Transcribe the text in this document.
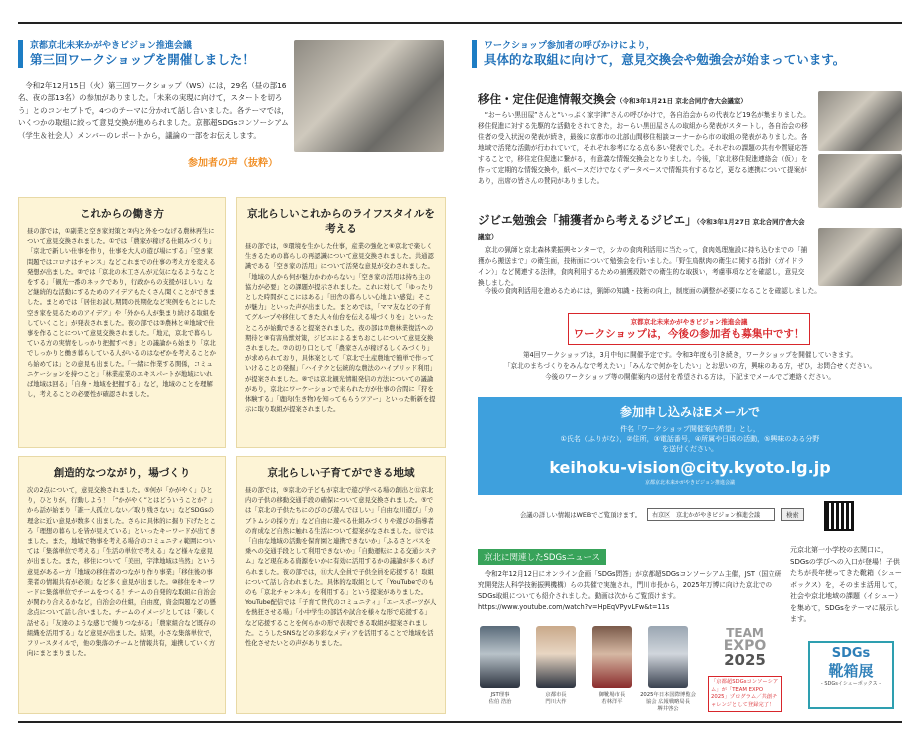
京都京北未来かがやきビジョン推進会議
第三回ワークショップを開催しました！

令和2年12月15日（火）第三回ワークショップ（WS）には，29名（昼の部16名、夜の部13名）の参加がありました。「未来の実現に向けて，スタートを切ろう」とのコンセプトで，4つのテーマに分かれて話し合いました。各テーマでは，いくつかの取組に絞って意見交換が進められました。京都超SDGsコンソーシアム（学生＆社会人）メンバーのレポートから，議論の一部をお伝えします。

参加者の声（抜粋）
これからの働き方

昼の部では，①副業と空き家対策と②内と外をつなげる農林再生について意見交換されました。①では「農家が稼げる仕組みづくり」「京北で新しい仕事を作り，仕事を大人の遊び場にする」「空き家問題ではコロナはチャンス」などこれまでの仕事の考え方を変える発想が出ました。②では「京北の木工さんが元気になるようなことをする」「観光一番のネックであり，行政からの支援がほしい」など継続的な活動にするためのアイデアもたくさん聞くことができました。まとめでは「居住お試し期間の長期化など実例をもとにした空き家を見るためのアイデア」や「外から人が集まり続ける取組をしていくこと」が発表されました。夜の部では③農林と④地域で仕事を作ることについて意見交換されました。「地元，京北で暮らしている方の実情をしっかり把握すべき」との議論から始まり「京北でしっかりと働き暮らしている人がいるのはなぜかを考えることから始めては」との意見も出ました。「一緒に作業する関係，コミュニケーションを持つこと」「林業産業のエキスパートが地域にいれば地域は回る」「自身・地域を把握する」など，地域のことを理解し，考えることの必要性が確認されました。

京北らしいこれからのライフスタイルを考える

昼の部では，⑤環境を生かした仕事，産業の強化と⑥京北で楽しく生きるための暮らしの再認識について意見交換されました。共通認識である「空き家の活用」について活発な意見が交わされました。「地域の人から何が魅力かわからない」「空き家の活用は持ち主の協力が必要」との課題が提示されました。これに対して「ゆったりとした時間がここにはある」「田舎の暮らしい心地よい感覚」そこが魅力」といった声が出ました。まとめでは，「ママ友などの子育てグループや移住してきた人々仙台を伝える場づくりを」といったところが始動できると提案されました。夜の部は⑦農林業復活への期待と⑧有害鳥獣対策，ジビエによるまちおこしについて意見交換されました。⑦の切り口として「農家さんが稼げるしくみづくり」が求められており，具体案として「京北で土産農地で簡単で作っていけることの発掘」「ハイテクと伝統的な農法のハイブリッド利用」が提案されました。⑧では京北観光情報発信の方法についての議論があり，京北にワーケーションで来られた方が仕事の合間に「狩を体験する」「鹿肉(生き物)を知ってもらうツアー」といった斬新を提示に取り取組が提案されました。

創造的なつながり，場づくり

次の2点について，意見交換されました。⑤何が「かがやく」ひとり，ひとりが，行動しよう！「“かがやく”とはどういうことか？」から話が始まり「誰一人孤立しない／取り残さない」などSDGsの理念に近い意見が数多く出ました。さらに具体的に掘り下げたところ「理想の暮らしを皆が見えている」といったキーワードが出てきました。また，地域で物事を考える場合のコミュニティ範囲については「集落単位で考える」「生活の単位で考える」など様々な意見が出ました。また，移住について「美田，宇津地域は当然」という意見があるー方「地域の移住者のつながり作り事業」「移住後の事業者の情報共有が必須」など多く意見が出ました。⑩移住をキーワードに集落単位でチームをつくる！チームの自発的な取組に自治会が関わり合えるかなど，自治会の仕組，自由度，資金問題などの懸念点について話し合いました。チームのイメージとしては「楽しく話せる」「友達のような感じで繰りつながる」「農家組合など既存の組織を活用する」など意見が出ました。結果，小さな集落単位で，フリースタイルで，他の集落のチームと情報共有，連携していく方向にまとまりました。

京北らしい子育てができる地域

昼の部では，⑤京北の子どもが京北で遊び学べる場の創出と⑫京北内の子供の移動交通手段の確保について意見交換されました。⑤では「京北の子供たちにのびのび遊んでほしい」「自由な川遊び」「カブトムシの採り方」など自由に遊べる仕組みづくりや遊びの指導者の育成など自然に触れる生活について提案がなされました。⑫では「自由な地域の活動を保育園と連携できないか」「ふるさとバスを乗への交通手段として利用できないか」「自動運転による交通システム」など現在ある資源をいかに有効に活用するかの議論が多くあげられました。夜の部では，⑪大人全員で子供全員を応援する！取組について話し合われました。具体的な取組として「YouTubeでのものも「京北チャンネル」を利用する」という提案がありました。YouTube配信では「子育て世代のコミュニティ」「エースポーツが人を熱狂させる場」「小中学生の部活や試合を様々な形で応援する」など応援することを何らかの形で表現できる取組が提案されました。こうしたSNSなどの多彩なメディアを活用することで地域を活性化させたいとの声がありました。

ワークショップ参加者の呼びかけにより，
具体的な取組に向けて，意見交換会や勉強会が始まっています。
移住・定住促進情報交換会（令和3年1月21日 京北合同庁舎大会議室）

“おーらい黒田屋”さんと“いっぷく家宇津”さんの呼びかけで，各自治会からの代表など19名が集まりました。移住促進に対する先駆的な活動をされてきた，おーらい黒田屋さんの取組から発表がスタートし，各自治会の移住者の受入状況の発表が続き，最後に京都市の北部山間移住相談コーナーから市の取組の発表がありました。各地域で活発な活動が行われていて，それぞれ参考になる点も多い発表でした。それぞれの課題の共有や質疑応答することで，移住定住促進に繋がる，有意義な情報交換会となりました。今後，「京北移住促進連絡会（仮）」を作って定期的な情報交換や，紙ベースだけでなくデータベースで情報共有するなど，更なる連携について提案があり，出席の皆さんの賛同がありました。

ジビエ勉強会「捕獲者から考えるジビエ」（令和3年1月27日 京北合同庁舎大会議室）

京北の猟師と京北森林業振興センターで，シカの食肉利活用に当たって，食肉処理施設に持ち込むまでの「捕獲から搬送まで」の衛生面，技術面について勉強会を行いました。「野生鳥獣肉の衛生に関する指針（ガイドライン）」など関連する法律，食肉利用するための捕獲段階での衛生的な取扱い，考慮事項などを確認し，意見交換しました。

今後の食肉利活用を進めるためには，猟師の知識・技術の向上，制度面の調整が必要になることを確認しました。

京都京北未来かがやきビジョン推進会議
ワークショップは，今後の参加者も募集中です！

第4回ワークショップは，3月中旬に開催予定です。令和3年度も引き続き，ワークショップを開催していきます。

「京北のまちづくりをみんなで考えたい」「みんなで何かをしたい」とお思いの方，興味のある方，ぜひ，お問合せください。

今後のワークショップ等の開催案内の送付を希望される方は，下記までメールでご連絡ください。

参加申し込みはEメールで
件名「ワークショップ開催案内希望」とし，
①氏名（ふりがな），②住所，③電話番号，④所属や日頃の活動，⑤興味のある分野
を送付ください。
keihoku-vision@city.kyoto.lg.jp
京都京北未来かがやきビジョン推進会議
会議の詳しい情報はWEBでご覧頂けます。	右京区　京北かがやきビジョン推進会議	検索
京北に関連したSDGsニュース

令和2年12月12日にオンライン企画「SDGs問答」が京都超SDGsコンソーシアム主催，JST（国立研究開発法人科学技術振興機構）らの共催で実施され，門川市長から，2025年万博に向けた京北でのSDGs取組についても紹介されました。動画は次からご覧頂けます。https://www.youtube.com/watch?v=HpEqVPyvLFw&t=11s

JST理事
佐伯 浩治
京都市長
門川大作
御靴場市長
若林洋平
2025年日本国際博覧会協会 広報戦略局長
堺井啓公
TEAM
EXPO
2025
「京都超SDGsコンソーシアム」が「TEAM EXPO 2025」プログラム／共創チャレンジとして登録完了！

元京北第一小学校の玄関口に，SDGsの学びへの入口が登場！子供たちが長年使ってきた靴箱（シューボックス）を，そのまま活用して，社会や京北地域の課題（イシュー）を集めて，SDGsをテーマに展示します。

SDGs
靴箱展
- SDGsイシューボックス -
